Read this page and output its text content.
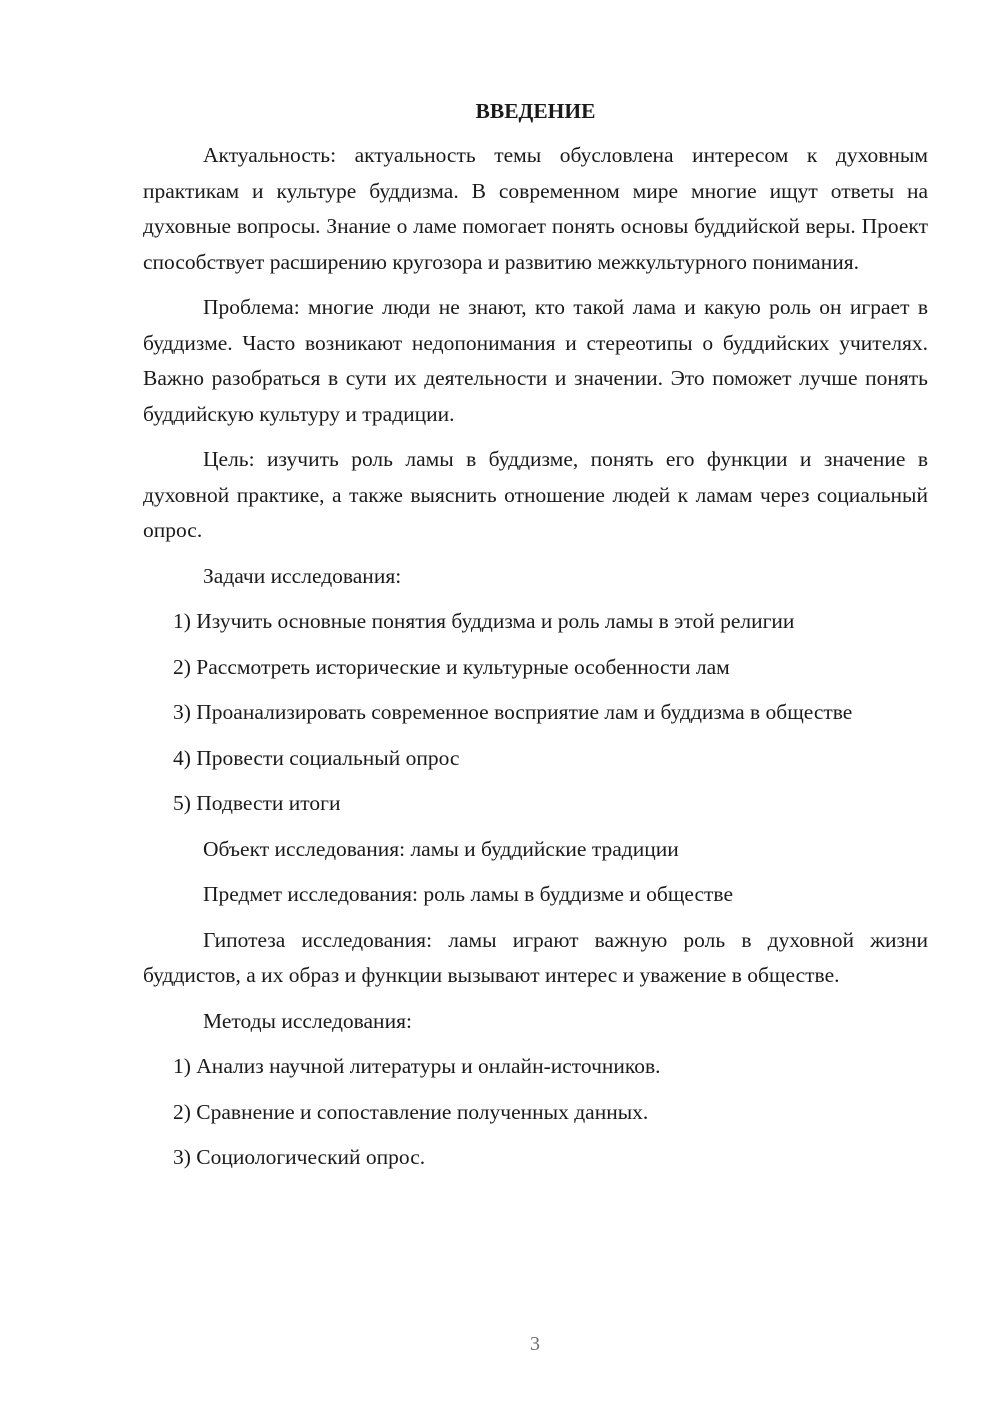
ВВЕДЕНИЕ

Актуальность: актуальность темы обусловлена интересом к духовным практикам и культуре буддизма. В современном мире многие ищут ответы на духовные вопросы. Знание о ламе помогает понять основы буддийской веры. Проект способствует расширению кругозора и развитию межкультурного понимания.

Проблема: многие люди не знают, кто такой лама и какую роль он играет в буддизме. Часто возникают недопонимания и стереотипы о буддийских учителях. Важно разобраться в сути их деятельности и значении. Это поможет лучше понять буддийскую культуру и традиции.

Цель: изучить роль ламы в буддизме, понять его функции и значение в духовной практике, а также выяснить отношение людей к ламам через социальный опрос.

Задачи исследования:

1) Изучить основные понятия буддизма и роль ламы в этой религии

2) Рассмотреть исторические и культурные особенности лам

3) Проанализировать современное восприятие лам и буддизма в обществе

4) Провести социальный опрос

5) Подвести итоги

Объект исследования: ламы и буддийские традиции

Предмет исследования: роль ламы в буддизме и обществе

Гипотеза исследования: ламы играют важную роль в духовной жизни буддистов, а их образ и функции вызывают интерес и уважение в обществе.

Методы исследования:

1) Анализ научной литературы и онлайн-источников.

2) Сравнение и сопоставление полученных данных.

3) Социологический опрос.

3
